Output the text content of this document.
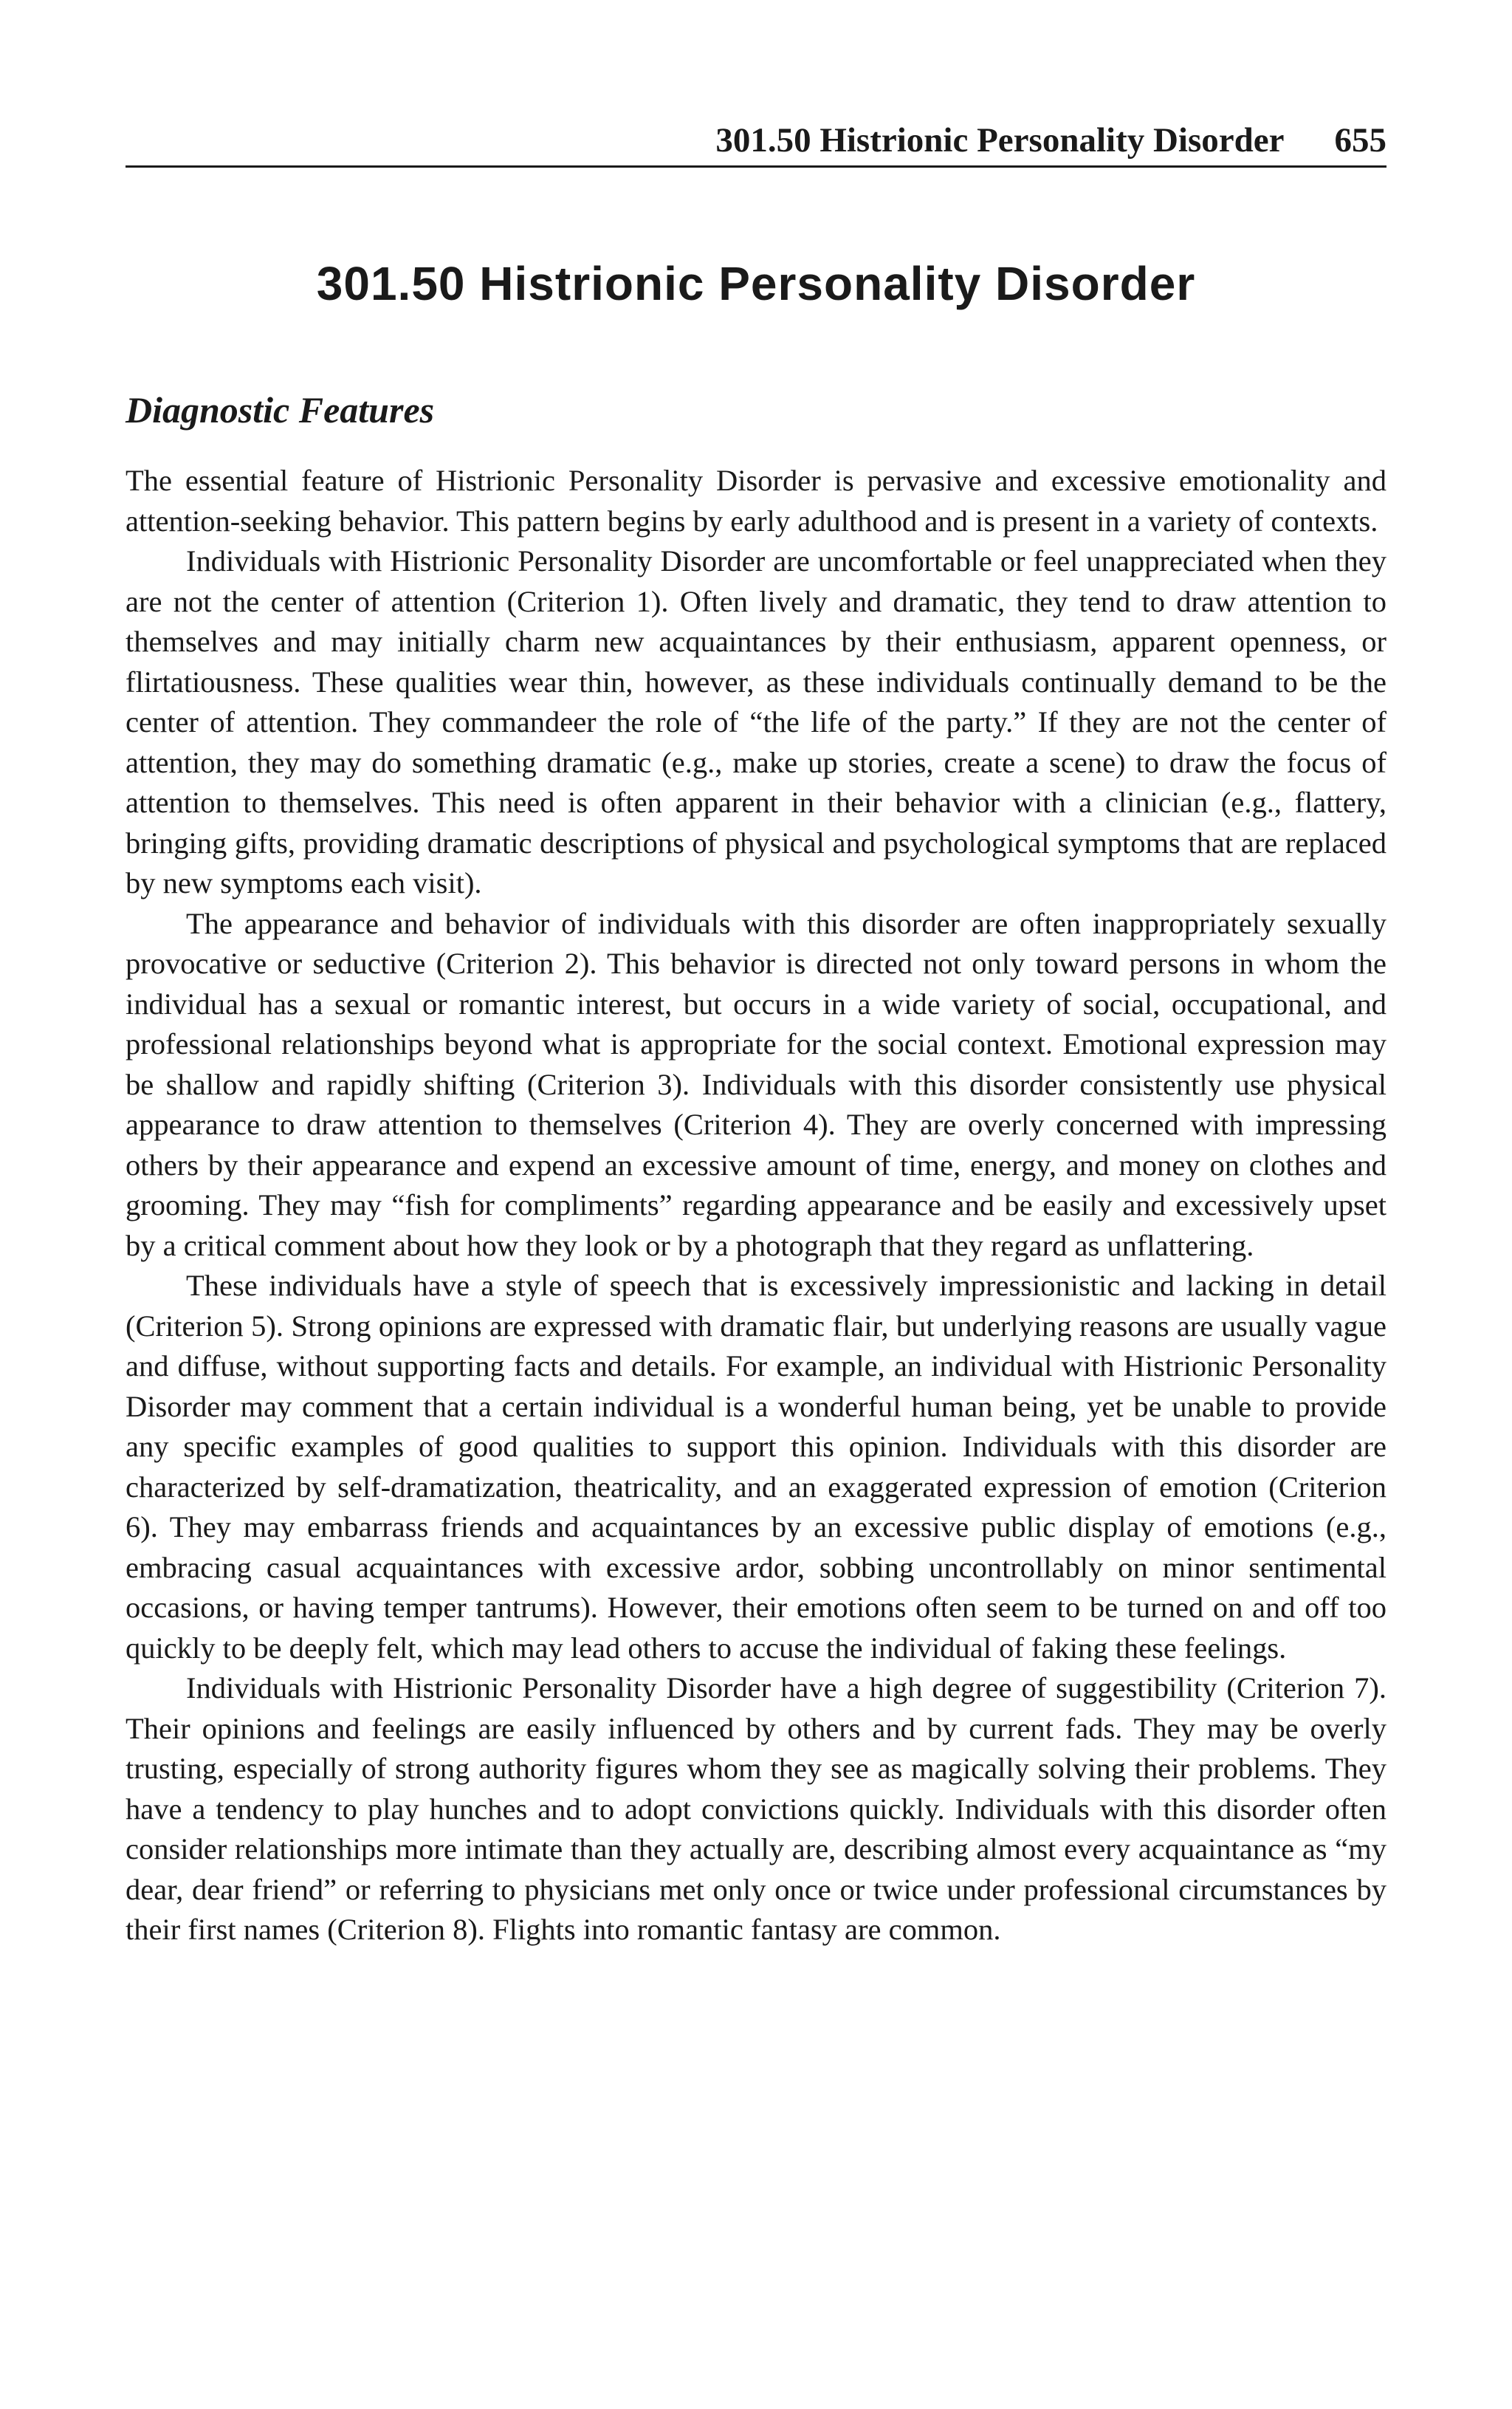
301.50 Histrionic Personality Disorder 655
301.50 Histrionic Personality Disorder
Diagnostic Features

The essential feature of Histrionic Personality Disorder is pervasive and excessive emotionality and attention-seeking behavior. This pattern begins by early adulthood and is present in a variety of contexts.

Individuals with Histrionic Personality Disorder are uncomfortable or feel unappreciated when they are not the center of attention (Criterion 1). Often lively and dramatic, they tend to draw attention to themselves and may initially charm new acquaintances by their enthusiasm, apparent openness, or flirtatiousness. These qualities wear thin, however, as these individuals continually demand to be the center of attention. They commandeer the role of “the life of the party.” If they are not the center of attention, they may do something dramatic (e.g., make up stories, create a scene) to draw the focus of attention to themselves. This need is often apparent in their behavior with a clinician (e.g., flattery, bringing gifts, providing dramatic descriptions of physical and psychological symptoms that are replaced by new symptoms each visit).

The appearance and behavior of individuals with this disorder are often inappropriately sexually provocative or seductive (Criterion 2). This behavior is directed not only toward persons in whom the individual has a sexual or romantic interest, but occurs in a wide variety of social, occupational, and professional relationships beyond what is appropriate for the social context. Emotional expression may be shallow and rapidly shifting (Criterion 3). Individuals with this disorder consistently use physical appearance to draw attention to themselves (Criterion 4). They are overly concerned with impressing others by their appearance and expend an excessive amount of time, energy, and money on clothes and grooming. They may “fish for compliments” regarding appearance and be easily and excessively upset by a critical comment about how they look or by a photograph that they regard as unflattering.

These individuals have a style of speech that is excessively impressionistic and lacking in detail (Criterion 5). Strong opinions are expressed with dramatic flair, but underlying reasons are usually vague and diffuse, without supporting facts and details. For example, an individual with Histrionic Personality Disorder may comment that a certain individual is a wonderful human being, yet be unable to provide any specific examples of good qualities to support this opinion. Individuals with this disorder are characterized by self-dramatization, theatricality, and an exaggerated expression of emotion (Criterion 6). They may embarrass friends and acquaintances by an excessive public display of emotions (e.g., embracing casual acquaintances with excessive ardor, sobbing uncontrollably on minor sentimental occasions, or having temper tantrums). However, their emotions often seem to be turned on and off too quickly to be deeply felt, which may lead others to accuse the individual of faking these feelings.

Individuals with Histrionic Personality Disorder have a high degree of suggestibility (Criterion 7). Their opinions and feelings are easily influenced by others and by current fads. They may be overly trusting, especially of strong authority figures whom they see as magically solving their problems. They have a tendency to play hunches and to adopt convictions quickly. Individuals with this disorder often consider relationships more intimate than they actually are, describing almost every acquaintance as “my dear, dear friend” or referring to physicians met only once or twice under professional circumstances by their first names (Criterion 8). Flights into romantic fantasy are common.
